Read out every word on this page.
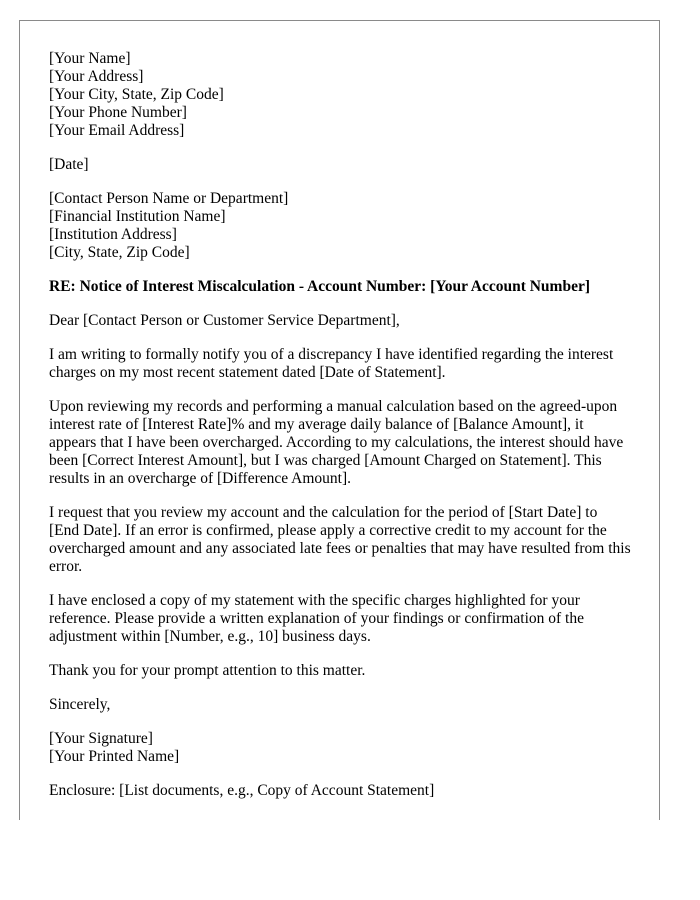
[Your Name]
[Your Address]
[Your City, State, Zip Code]
[Your Phone Number]
[Your Email Address]
[Date]
[Contact Person Name or Department]
[Financial Institution Name]
[Institution Address]
[City, State, Zip Code]
RE: Notice of Interest Miscalculation - Account Number: [Your Account Number]

Dear [Contact Person or Customer Service Department],

I am writing to formally notify you of a discrepancy I have identified regarding the interest charges on my most recent statement dated [Date of Statement].

Upon reviewing my records and performing a manual calculation based on the agreed-upon interest rate of [Interest Rate]% and my average daily balance of [Balance Amount], it appears that I have been overcharged. According to my calculations, the interest should have been [Correct Interest Amount], but I was charged [Amount Charged on Statement]. This results in an overcharge of [Difference Amount].

I request that you review my account and the calculation for the period of [Start Date] to [End Date]. If an error is confirmed, please apply a corrective credit to my account for the overcharged amount and any associated late fees or penalties that may have resulted from this error.

I have enclosed a copy of my statement with the specific charges highlighted for your reference. Please provide a written explanation of your findings or confirmation of the adjustment within [Number, e.g., 10] business days.

Thank you for your prompt attention to this matter.

Sincerely,

[Your Signature]
[Your Printed Name]

Enclosure: [List documents, e.g., Copy of Account Statement]
